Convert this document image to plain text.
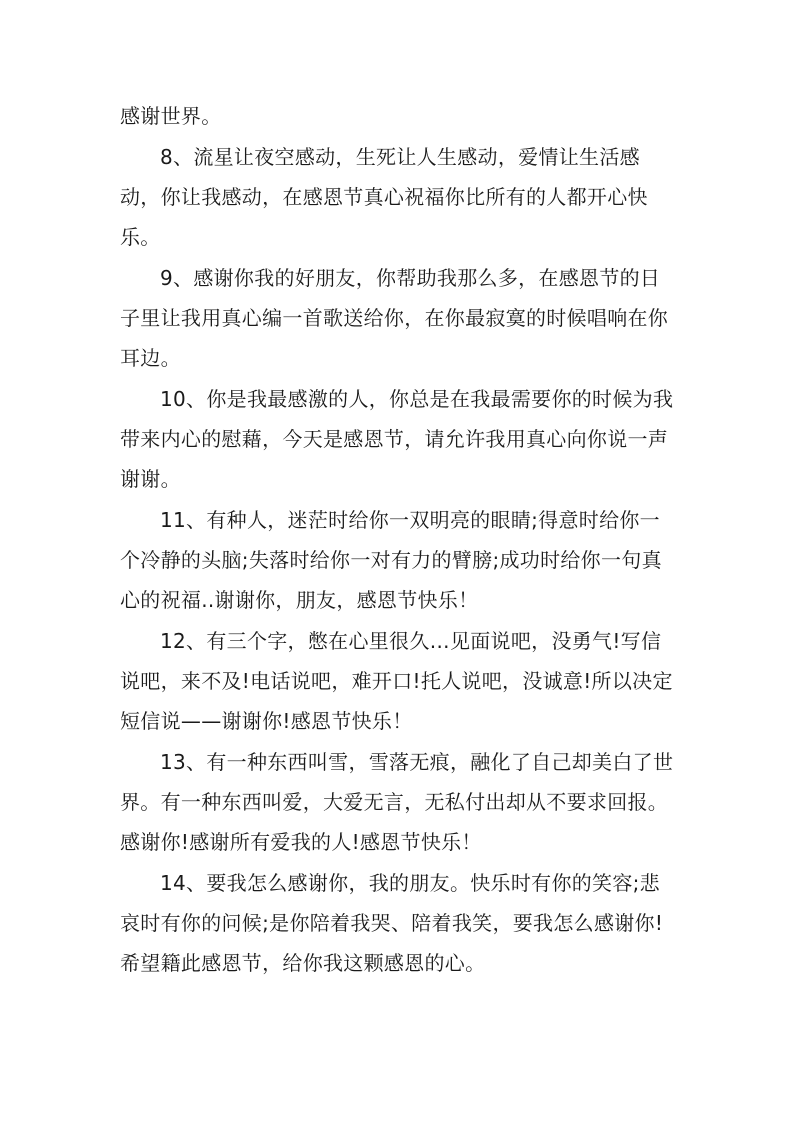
感谢世界。

8、流星让夜空感动，生死让人生感动，爱情让生活感动，你让我感动，在感恩节真心祝福你比所有的人都开心快乐。

9、感谢你我的好朋友，你帮助我那么多，在感恩节的日子里让我用真心编一首歌送给你，在你最寂寞的时候唱响在你耳边。

10、你是我最感激的人，你总是在我最需要你的时候为我带来内心的慰藉，今天是感恩节，请允许我用真心向你说一声谢谢。

11、有种人，迷茫时给你一双明亮的眼睛;得意时给你一个冷静的头脑;失落时给你一对有力的臂膀;成功时给你一句真心的祝福..谢谢你，朋友，感恩节快乐！

12、有三个字，憋在心里很久…见面说吧，没勇气!写信说吧，来不及!电话说吧，难开口!托人说吧，没诚意!所以决定短信说——谢谢你!感恩节快乐！

13、有一种东西叫雪，雪落无痕，融化了自己却美白了世界。有一种东西叫爱，大爱无言，无私付出却从不要求回报。感谢你!感谢所有爱我的人!感恩节快乐！

14、要我怎么感谢你，我的朋友。快乐时有你的笑容;悲哀时有你的问候;是你陪着我哭、陪着我笑，要我怎么感谢你!希望籍此感恩节，给你我这颗感恩的心。
